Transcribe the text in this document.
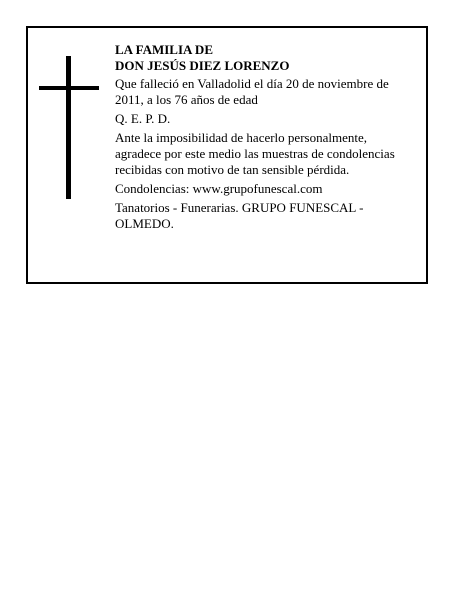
LA FAMILIA DE

DON JESÚS DIEZ LORENZO

Que falleció en Valladolid el día 20 de noviembre de 2011, a los 76 años de edad

Q. E. P. D.

Ante la imposibilidad de hacerlo personalmente, agradece por este medio las muestras de condolencias recibidas con motivo de tan sensible pérdida.

Condolencias: www.grupofunescal.com

Tanatorios - Funerarias. GRUPO FUNESCAL - OLMEDO.
